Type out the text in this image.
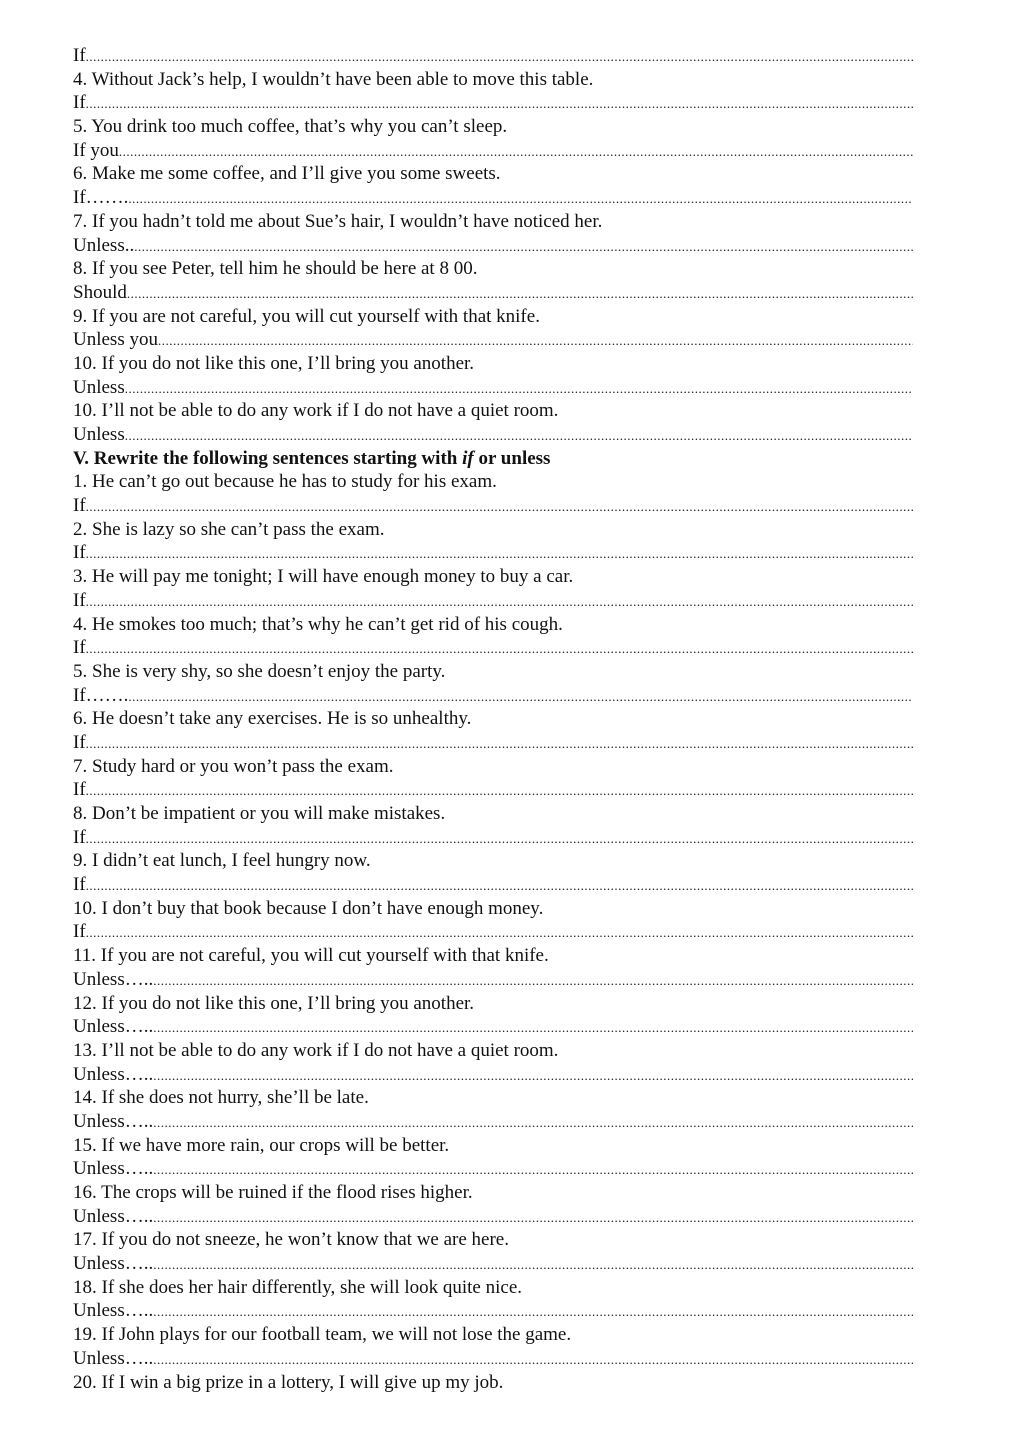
If
.....
4. Without Jack’s help, I wouldn’t have been able to move this table.
If
.....
5. You drink too much coffee, that’s why you can’t sleep.
If you
.....
6. Make me some coffee, and I’ll give you some sweets.
If…….
.....
7. If you hadn’t told me about Sue’s hair, I wouldn’t have noticed her.
Unless..
.....
8. If you see Peter, tell him he should be here at 8 00.
Should
.....
9. If you are not careful, you will cut yourself with that knife.
Unless you
.....
10. If you do not like this one, I’ll bring you another.
Unless
.....
10. I’ll not be able to do any work if I do not have a quiet room.
Unless
.....
V. Rewrite the following sentences starting with if or unless
1. He can’t go out because he has to study for his exam.
If
.....
2. She is lazy so she can’t pass the exam.
If
.....
3. He will pay me tonight; I will have enough money to buy a car.
If
.....
4. He smokes too much; that’s why he can’t get rid of his cough.
If
.....
5. She is very shy, so she doesn’t enjoy the party.
If…….
.....
6. He doesn’t take any exercises. He is so unhealthy.
If
.....
7. Study hard or you won’t pass the exam.
If
.....
8. Don’t be impatient or you will make mistakes.
If
.....
9. I didn’t eat lunch, I feel hungry now.
If
.....
10. I don’t buy that book because I don’t have enough money.
If
.....
11. If you are not careful, you will cut yourself with that knife.
Unless…..
.....
12. If you do not like this one, I’ll bring you another.
Unless…..
.....
13. I’ll not be able to do any work if I do not have a quiet room.
Unless…..
.....
14. If she does not hurry, she’ll be late.
Unless…..
.....
15. If we have more rain, our crops will be better.
Unless…..
.....
16. The crops will be ruined if the flood rises higher.
Unless…..
.....
17. If you do not sneeze, he won’t know that we are here.
Unless…..
.....
18. If she does her hair differently, she will look quite nice.
Unless…..
.....
19. If John plays for our football team, we will not lose the game.
Unless…..
.....
20. If I win a big prize in a lottery, I will give up my job.
